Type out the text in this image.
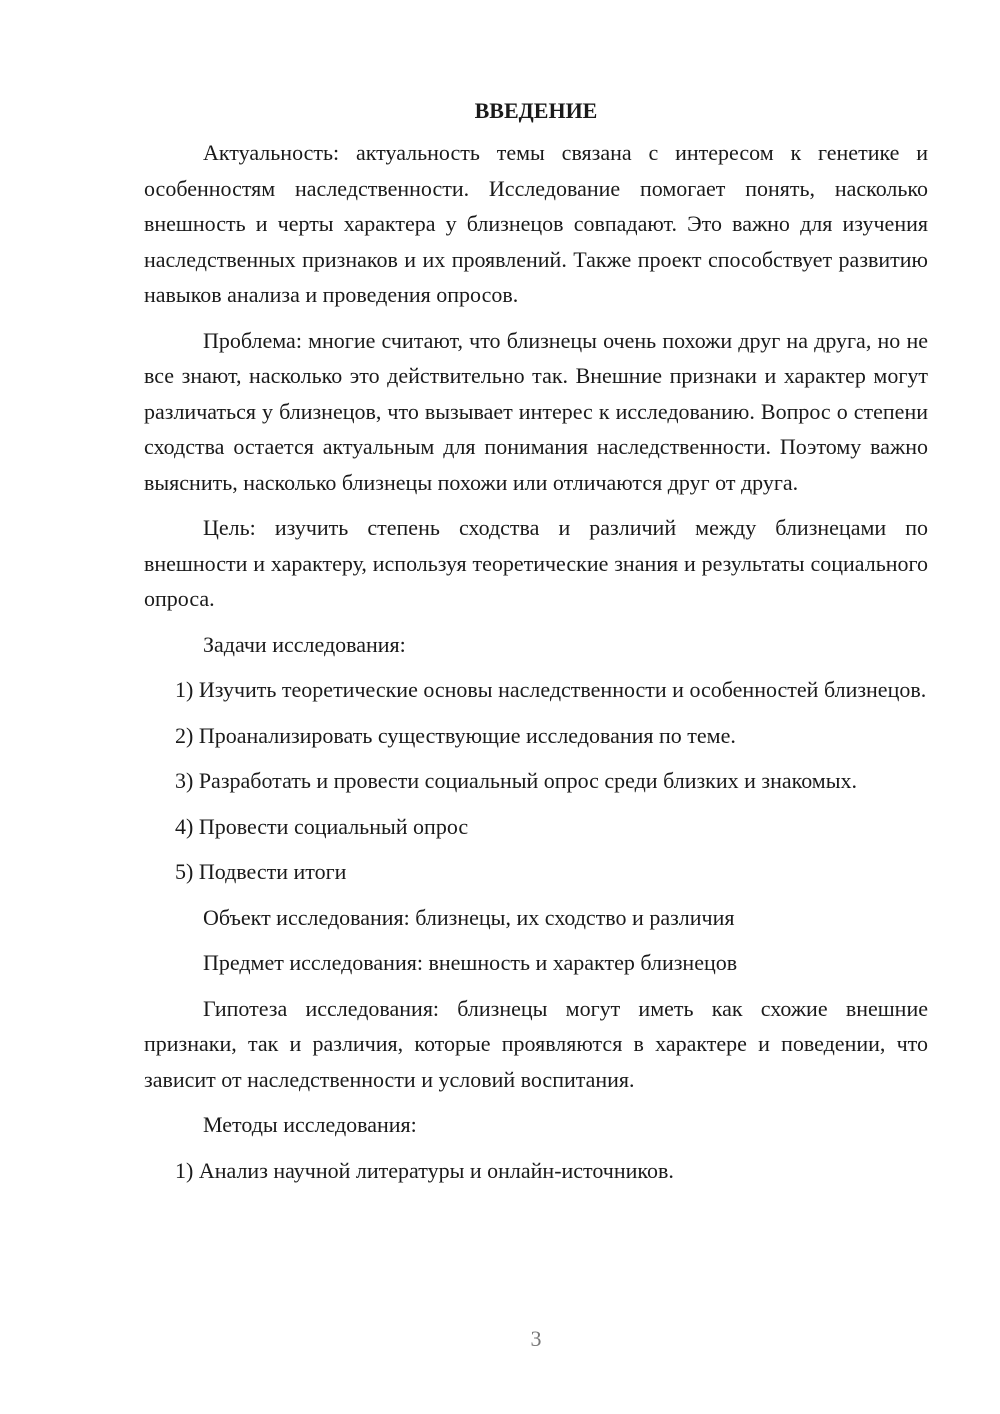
ВВЕДЕНИЕ

Актуальность: актуальность темы связана с интересом к генетике и особенностям наследственности. Исследование помогает понять, насколько внешность и черты характера у близнецов совпадают. Это важно для изучения наследственных признаков и их проявлений. Также проект способствует развитию навыков анализа и проведения опросов.

Проблема: многие считают, что близнецы очень похожи друг на друга, но не все знают, насколько это действительно так. Внешние признаки и характер могут различаться у близнецов, что вызывает интерес к исследованию. Вопрос о степени сходства остается актуальным для понимания наследственности. Поэтому важно выяснить, насколько близнецы похожи или отличаются друг от друга.

Цель: изучить степень сходства и различий между близнецами по внешности и характеру, используя теоретические знания и результаты социального опроса.

Задачи исследования:

1) Изучить теоретические основы наследственности и особенностей близнецов.

2) Проанализировать существующие исследования по теме.

3) Разработать и провести социальный опрос среди близких и знакомых.

4) Провести социальный опрос

5) Подвести итоги

Объект исследования: близнецы, их сходство и различия

Предмет исследования: внешность и характер близнецов

Гипотеза исследования: близнецы могут иметь как схожие внешние признаки, так и различия, которые проявляются в характере и поведении, что зависит от наследственности и условий воспитания.

Методы исследования:

1) Анализ научной литературы и онлайн-источников.

3
